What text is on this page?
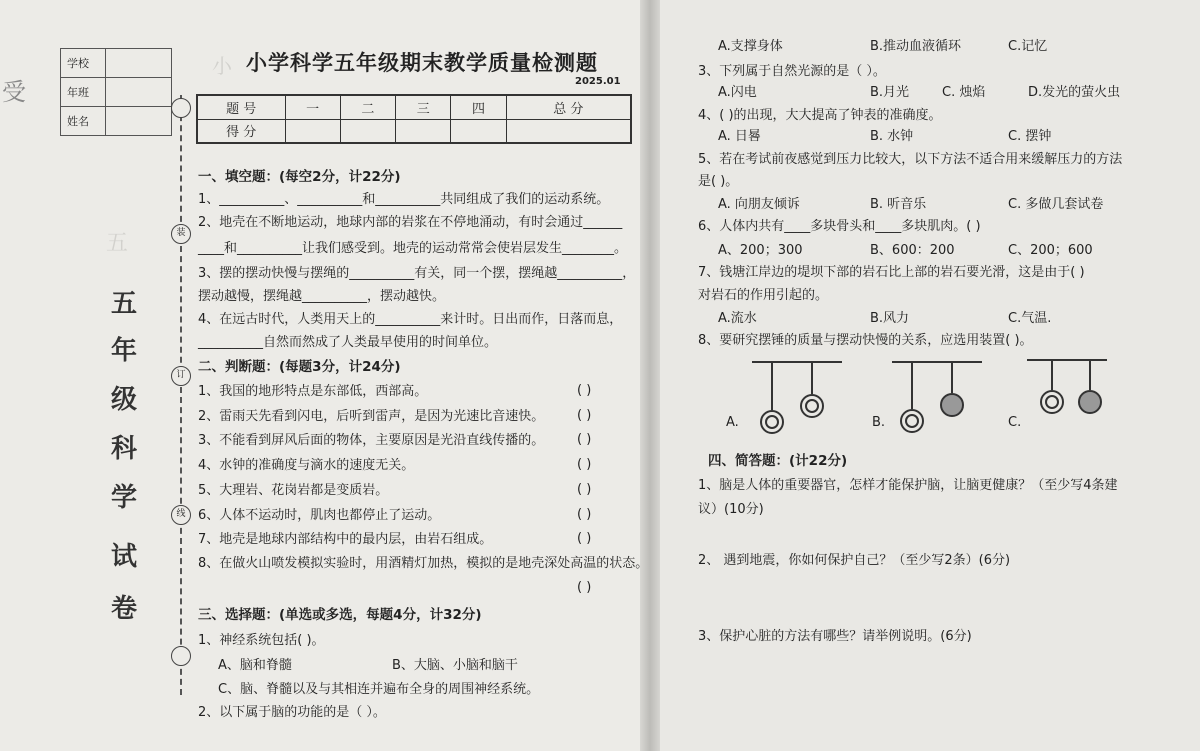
小
受
五
学校	
年班	
姓名	
五
年
级
科
学
试
卷
装
订
线
小学科学五年级期末教学质量检测题
2025.01
题 号	一	二	三	四	总 分
得 分					
一、填空题：(每空2分，计22分)
1、__________、__________和__________共同组成了我们的运动系统。
2、地壳在不断地运动，地球内部的岩浆在不停地涌动，有时会通过______
____和__________让我们感受到。地壳的运动常常会使岩层发生________。
3、摆的摆动快慢与摆绳的__________有关，同一个摆，摆绳越__________，
摆动越慢，摆绳越__________，摆动越快。
4、在远古时代，人类用天上的__________来计时。日出而作，日落而息，
__________自然而然成了人类最早使用的时间单位。
二、判断题：(每题3分，计24分)
1、我国的地形特点是东部低，西部高。	( )
2、雷雨天先看到闪电，后听到雷声，是因为光速比音速快。	( )
3、不能看到屏风后面的物体，主要原因是光沿直线传播的。	( )
4、水钟的准确度与滴水的速度无关。	( )
5、大理岩、花岗岩都是变质岩。	( )
6、人体不运动时，肌肉也都停止了运动。	( )
7、地壳是地球内部结构中的最内层，由岩石组成。	( )
8、在做火山喷发模拟实验时，用酒精灯加热，模拟的是地壳深处高温的状态。
( )
三、选择题：(单选或多选，每题4分，计32分)
1、神经系统包括( )。
A、脑和脊髓	B、大脑、小脑和脑干
C、脑、脊髓以及与其相连并遍布全身的周围神经系统。
2、以下属于脑的功能的是（ ）。
A.支撑身体	B.推动血液循环	C.记忆
3、下列属于自然光源的是（ ）。
A.闪电	B.月光	C. 烛焰	D.发光的萤火虫
4、( )的出现，大大提高了钟表的准确度。
A. 日晷	B. 水钟	C. 摆钟
5、若在考试前夜感觉到压力比较大，以下方法不适合用来缓解压力的方法
是( )。
A. 向朋友倾诉	B. 听音乐	C. 多做几套试卷
6、人体内共有____多块骨头和____多块肌肉。( )
A、200；300	B、600：200	C、200；600
7、钱塘江岸边的堤坝下部的岩石比上部的岩石要光滑，这是由于( )
对岩石的作用引起的。
A.流水	B.风力	C.气温.
8、要研究摆锤的质量与摆动快慢的关系，应选用装置( )。
A.	B.	C.
四、简答题：(计22分)
1、脑是人体的重要器官，怎样才能保护脑，让脑更健康？（至少写4条建
议）(10分)
2、 遇到地震，你如何保护自己？（至少写2条）(6分)
3、保护心脏的方法有哪些？请举例说明。(6分)
